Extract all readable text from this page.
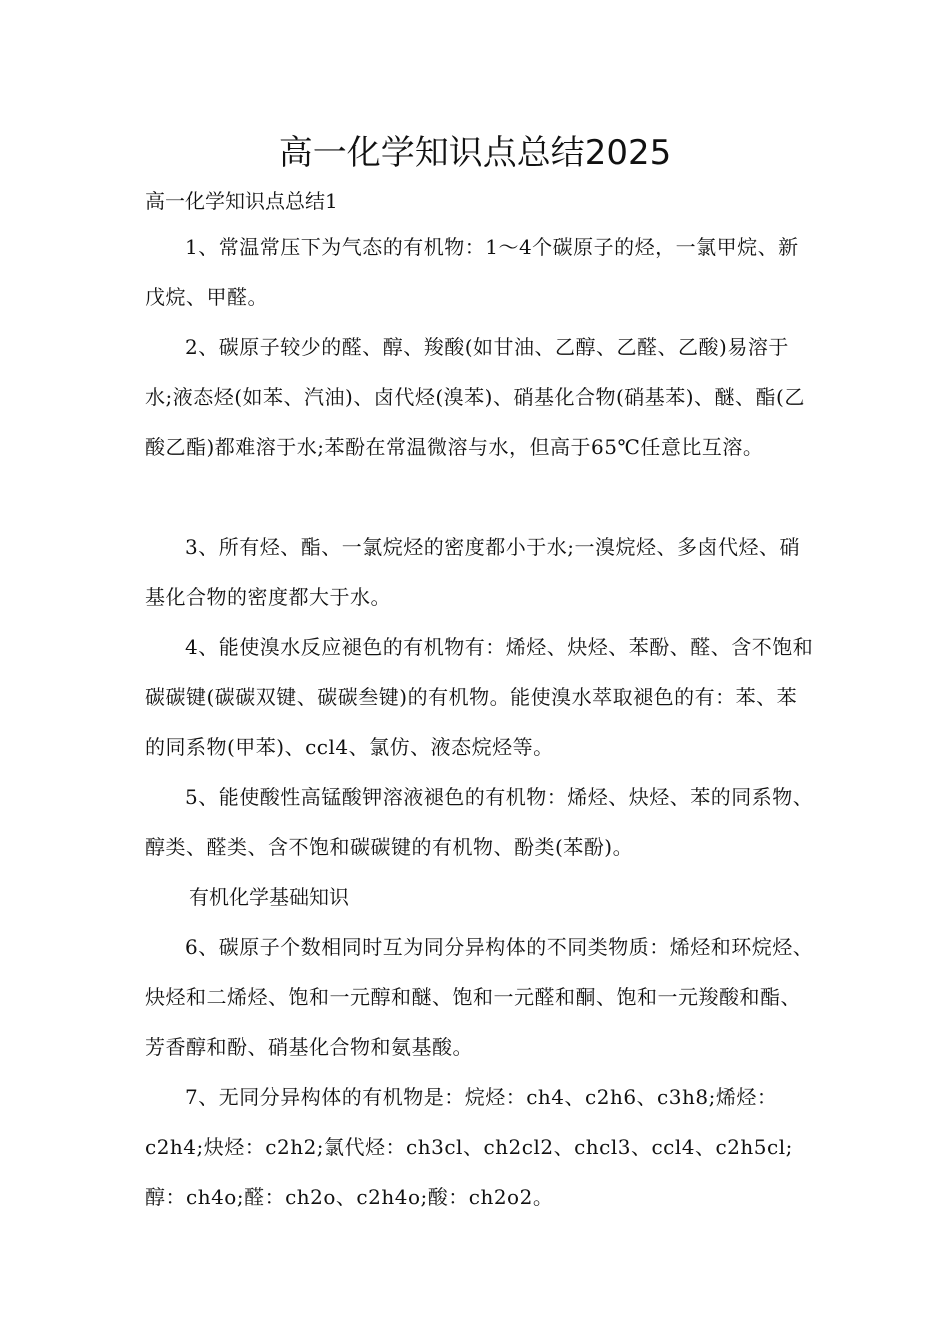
高一化学知识点总结2025

高一化学知识点总结1

1、常温常压下为气态的有机物：1～4个碳原子的烃，一氯甲烷、新戊烷、甲醛。

2、碳原子较少的醛、醇、羧酸(如甘油、乙醇、乙醛、乙酸)易溶于水;液态烃(如苯、汽油)、卤代烃(溴苯)、硝基化合物(硝基苯)、醚、酯(乙酸乙酯)都难溶于水;苯酚在常温微溶与水，但高于65℃任意比互溶。

3、所有烃、酯、一氯烷烃的密度都小于水;一溴烷烃、多卤代烃、硝基化合物的密度都大于水。

4、能使溴水反应褪色的有机物有：烯烃、炔烃、苯酚、醛、含不饱和碳碳键(碳碳双键、碳碳叁键)的有机物。能使溴水萃取褪色的有：苯、苯的同系物(甲苯)、ccl4、氯仿、液态烷烃等。

5、能使酸性高锰酸钾溶液褪色的有机物：烯烃、炔烃、苯的同系物、醇类、醛类、含不饱和碳碳键的有机物、酚类(苯酚)。

有机化学基础知识

6、碳原子个数相同时互为同分异构体的不同类物质：烯烃和环烷烃、炔烃和二烯烃、饱和一元醇和醚、饱和一元醛和酮、饱和一元羧酸和酯、芳香醇和酚、硝基化合物和氨基酸。

7、无同分异构体的有机物是：烷烃：ch4、c2h6、c3h8;烯烃：c2h4;炔烃：c2h2;氯代烃：ch3cl、ch2cl2、chcl3、ccl4、c2h5cl;醇：ch4o;醛：ch2o、c2h4o;酸：ch2o2。
